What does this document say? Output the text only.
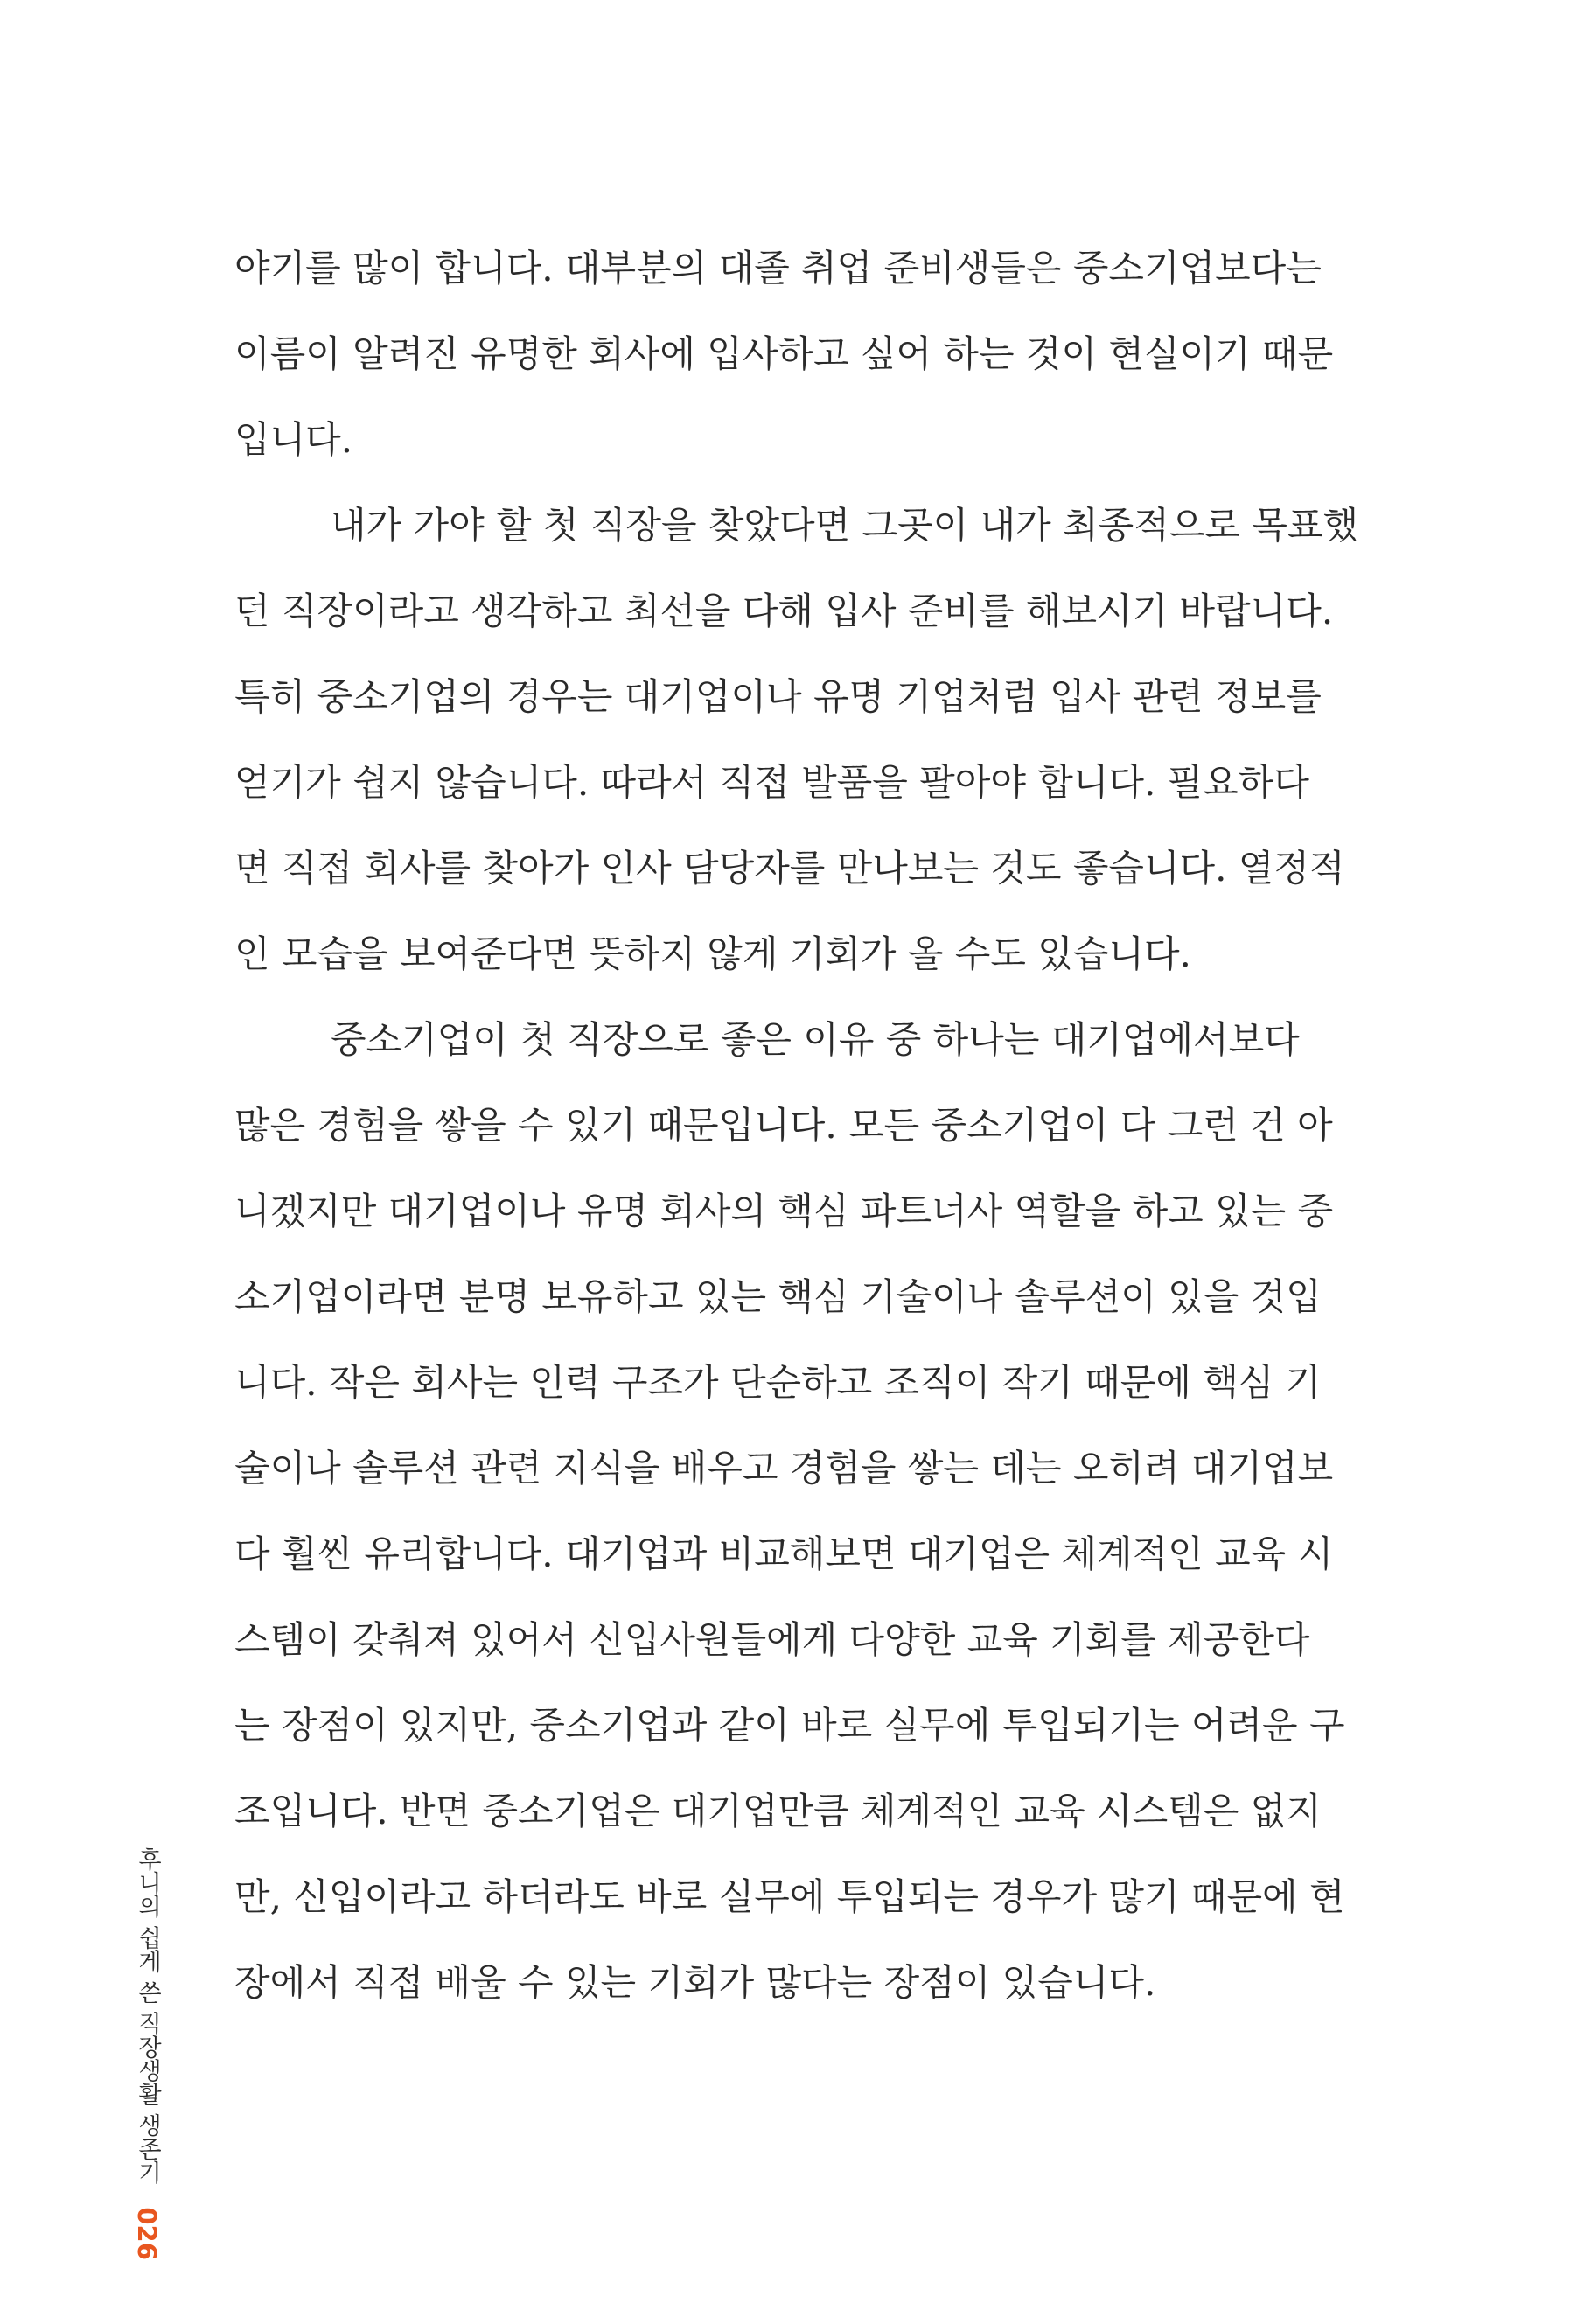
야기를 많이 합니다. 대부분의 대졸 취업 준비생들은 중소기업보다는
이름이 알려진 유명한 회사에 입사하고 싶어 하는 것이 현실이기 때문
입니다.
내가 가야 할 첫 직장을 찾았다면 그곳이 내가 최종적으로 목표했
던 직장이라고 생각하고 최선을 다해 입사 준비를 해보시기 바랍니다.
특히 중소기업의 경우는 대기업이나 유명 기업처럼 입사 관련 정보를
얻기가 쉽지 않습니다. 따라서 직접 발품을 팔아야 합니다. 필요하다
면 직접 회사를 찾아가 인사 담당자를 만나보는 것도 좋습니다. 열정적
인 모습을 보여준다면 뜻하지 않게 기회가 올 수도 있습니다.
중소기업이 첫 직장으로 좋은 이유 중 하나는 대기업에서보다
많은 경험을 쌓을 수 있기 때문입니다. 모든 중소기업이 다 그런 건 아
니겠지만 대기업이나 유명 회사의 핵심 파트너사 역할을 하고 있는 중
소기업이라면 분명 보유하고 있는 핵심 기술이나 솔루션이 있을 것입
니다. 작은 회사는 인력 구조가 단순하고 조직이 작기 때문에 핵심 기
술이나 솔루션 관련 지식을 배우고 경험을 쌓는 데는 오히려 대기업보
다 훨씬 유리합니다. 대기업과 비교해보면 대기업은 체계적인 교육 시
스템이 갖춰져 있어서 신입사원들에게 다양한 교육 기회를 제공한다
는 장점이 있지만, 중소기업과 같이 바로 실무에 투입되기는 어려운 구
조입니다. 반면 중소기업은 대기업만큼 체계적인 교육 시스템은 없지
만, 신입이라고 하더라도 바로 실무에 투입되는 경우가 많기 때문에 현
장에서 직접 배울 수 있는 기회가 많다는 장점이 있습니다.
후니의 쉽게 쓴 직장생활 생존기026
